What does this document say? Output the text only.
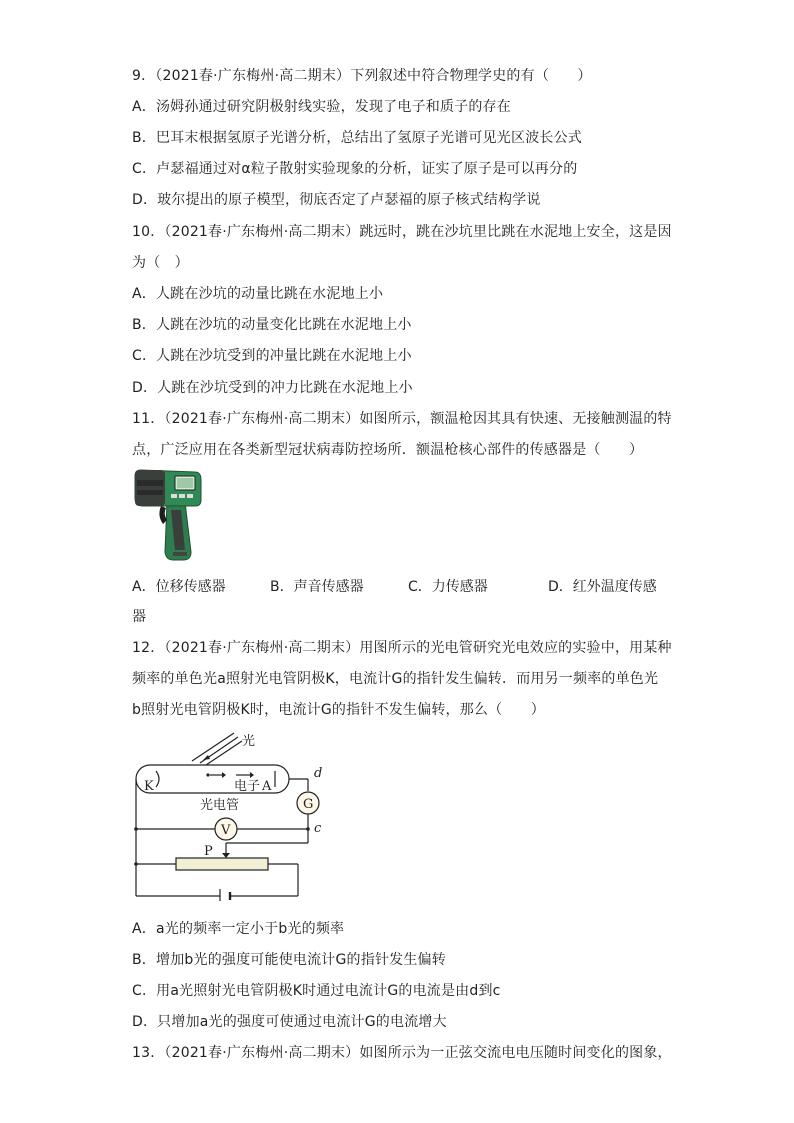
9．（2021春·广东梅州·高二期末）下列叙述中符合物理学史的有（　　）
A．汤姆孙通过研究阴极射线实验，发现了电子和质子的存在
B．巴耳末根据氢原子光谱分析，总结出了氢原子光谱可见光区波长公式
C．卢瑟福通过对α粒子散射实验现象的分析，证实了原子是可以再分的
D．玻尔提出的原子模型，彻底否定了卢瑟福的原子核式结构学说
10．（2021春·广东梅州·高二期末）跳远时，跳在沙坑里比跳在水泥地上安全，这是因
为（　）
A．人跳在沙坑的动量比跳在水泥地上小
B．人跳在沙坑的动量变化比跳在水泥地上小
C．人跳在沙坑受到的冲量比跳在水泥地上小
D．人跳在沙坑受到的冲力比跳在水泥地上小
11．（2021春·广东梅州·高二期末）如图所示，额温枪因其具有快速、无接触测温的特
点，广泛应用在各类新型冠状病毒防控场所．额温枪核心部件的传感器是（　　）
A．位移传感器	B．声音传感器	C．力传感器	D．红外温度传感
器
12．（2021春·广东梅州·高二期末）用图所示的光电管研究光电效应的实验中，用某种
频率的单色光a照射光电管阴极K，电流计G的指针发生偏转．而用另一频率的单色光
b照射光电管阴极K时，电流计G的指针不发生偏转，那么（　　）
光
K	电子 A
光电管
d
c
G
V
P
A．a光的频率一定小于b光的频率
B．增加b光的强度可能使电流计G的指针发生偏转
C．用a光照射光电管阴极K时通过电流计G的电流是由d到c
D．只增加a光的强度可使通过电流计G的电流增大
13．（2021春·广东梅州·高二期末）如图所示为一正弦交流电电压随时间变化的图象，
